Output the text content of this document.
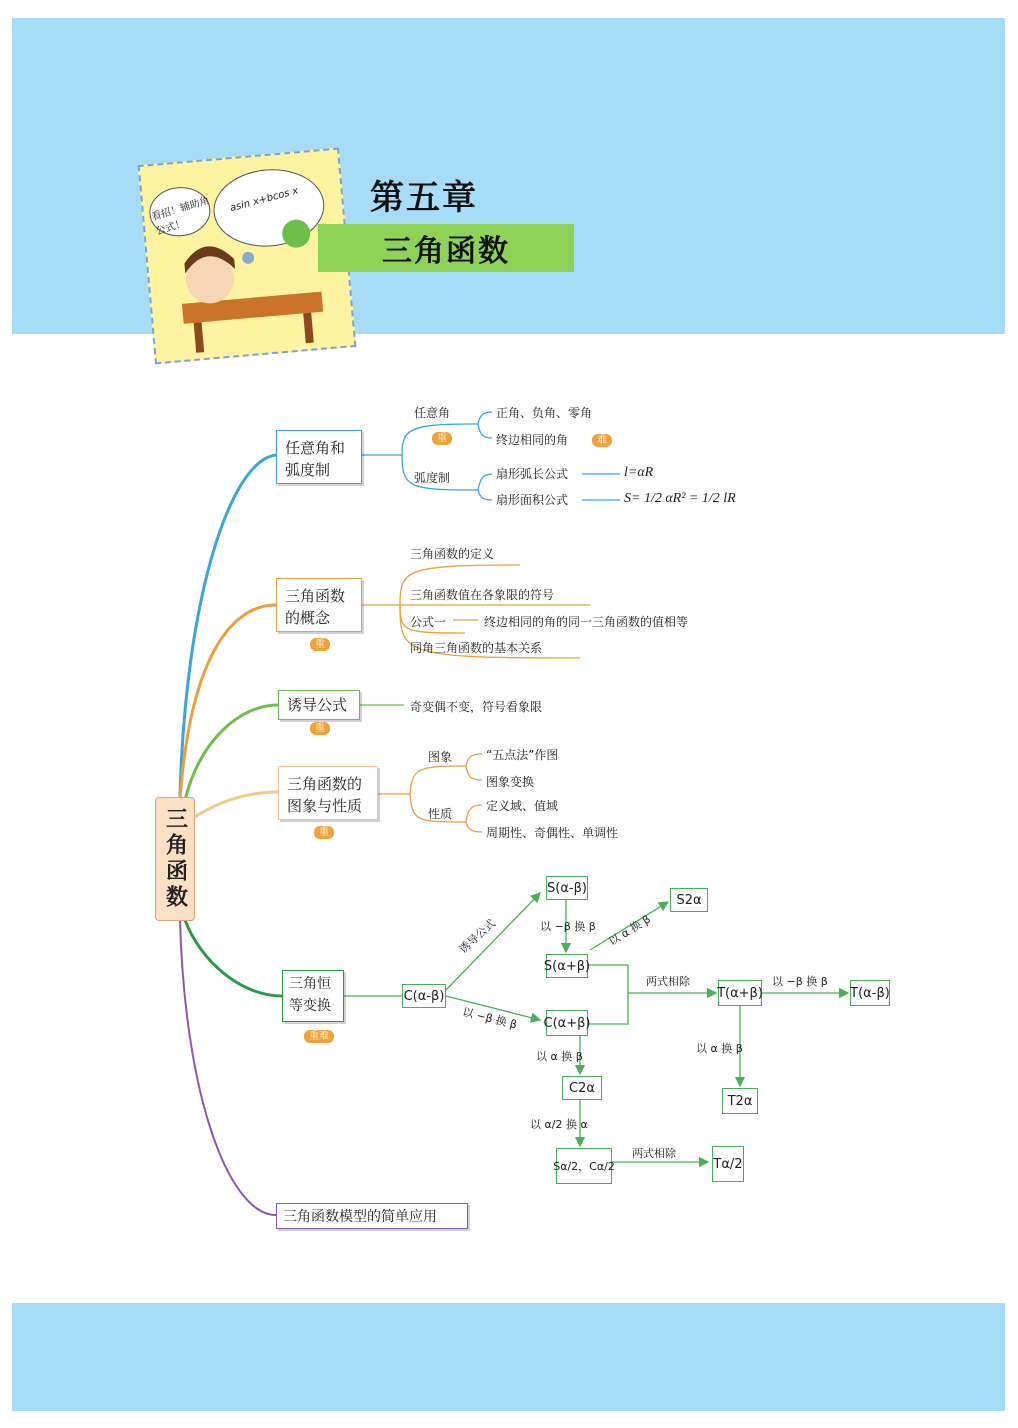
看招！辅助角公式！
asin x+bcos x 第五章
三角函数
三角函数
任意角和弧度制
任意角
重
正角、负角、零角
终边相同的角	难
弧度制	扇形弧长公式
扇形面积公式
l=αR
S= 1/2 αR² = 1/2 lR
三角函数的概念
重
三角函数的定义
三角函数值在各象限的符号
公式一	终边相同的角的同一三角函数的值相等
同角三角函数的基本关系
诱导公式
重
奇变偶不变，符号看象限
三角函数的图象与性质
重
图象	“五点法”作图
图象变换
性质
定义域、值域
周期性、奇偶性、单调性
三角恒等变换
重难
C(α-β)
S(α-β)
S(α+β)
S2α
C(α+β)
T(α+β)	T(α-β)
C2α
T2α
Sα/2，Cα/2	Tα/2
诱导公式
以 −β 换 β
以 −β 换 β 以 α 换 β
两式相除	以 −β 换 β
以 α 换 β
以 α 换 β
以 α/2 换 α
两式相除
三角函数模型的简单应用
